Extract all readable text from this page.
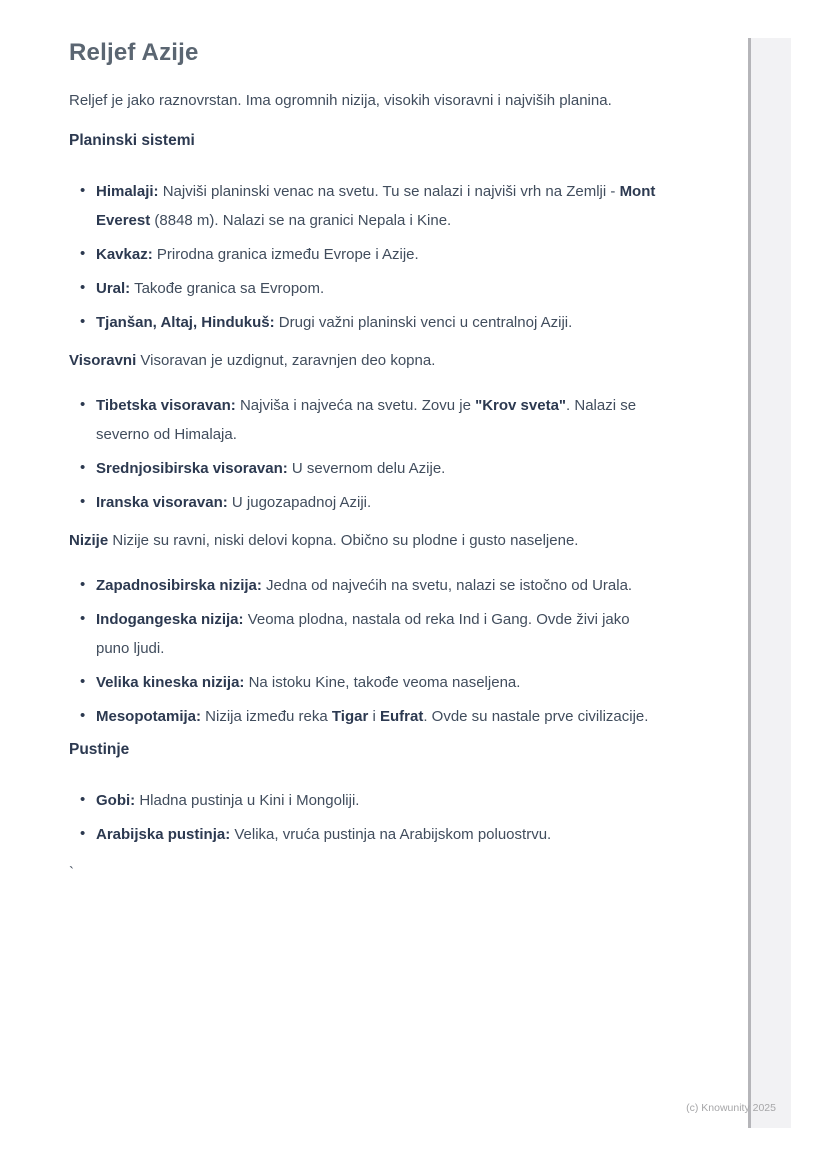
Reljef Azije

Reljef je jako raznovrstan. Ima ogromnih nizija, visokih visoravni i najviših planina.

Planinski sistemi
• Himalaji: Najviši planinski venac na svetu. Tu se nalazi i najviši vrh na Zemlji - Mont Everest (8848 m). Nalazi se na granici Nepala i Kine.
• Kavkaz: Prirodna granica između Evrope i Azije.
• Ural: Takođe granica sa Evropom.
• Tjanšan, Altaj, Hindukuš: Drugi važni planinski venci u centralnoj Aziji.

Visoravni Visoravan je uzdignut, zaravnjen deo kopna.

• Tibetska visoravan: Najviša i najveća na svetu. Zovu je "Krov sveta". Nalazi se severno od Himalaja.
• Srednjosibirska visoravan: U severnom delu Azije.
• Iranska visoravan: U jugozapadnoj Aziji.

Nizije Nizije su ravni, niski delovi kopna. Obično su plodne i gusto naseljene.

• Zapadnosibirska nizija: Jedna od najvećih na svetu, nalazi se istočno od Urala.
• Indogangeska nizija: Veoma plodna, nastala od reka Ind i Gang. Ovde živi jako puno ljudi.
• Velika kineska nizija: Na istoku Kine, takođe veoma naseljena.
• Mesopotamija: Nizija između reka Tigar i Eufrat. Ovde su nastale prve civilizacije.
Pustinje
• Gobi: Hladna pustinja u Kini i Mongoliji.
• Arabijska pustinja: Velika, vruća pustinja na Arabijskom poluostrvu.

`

(c) Knowunity 2025
